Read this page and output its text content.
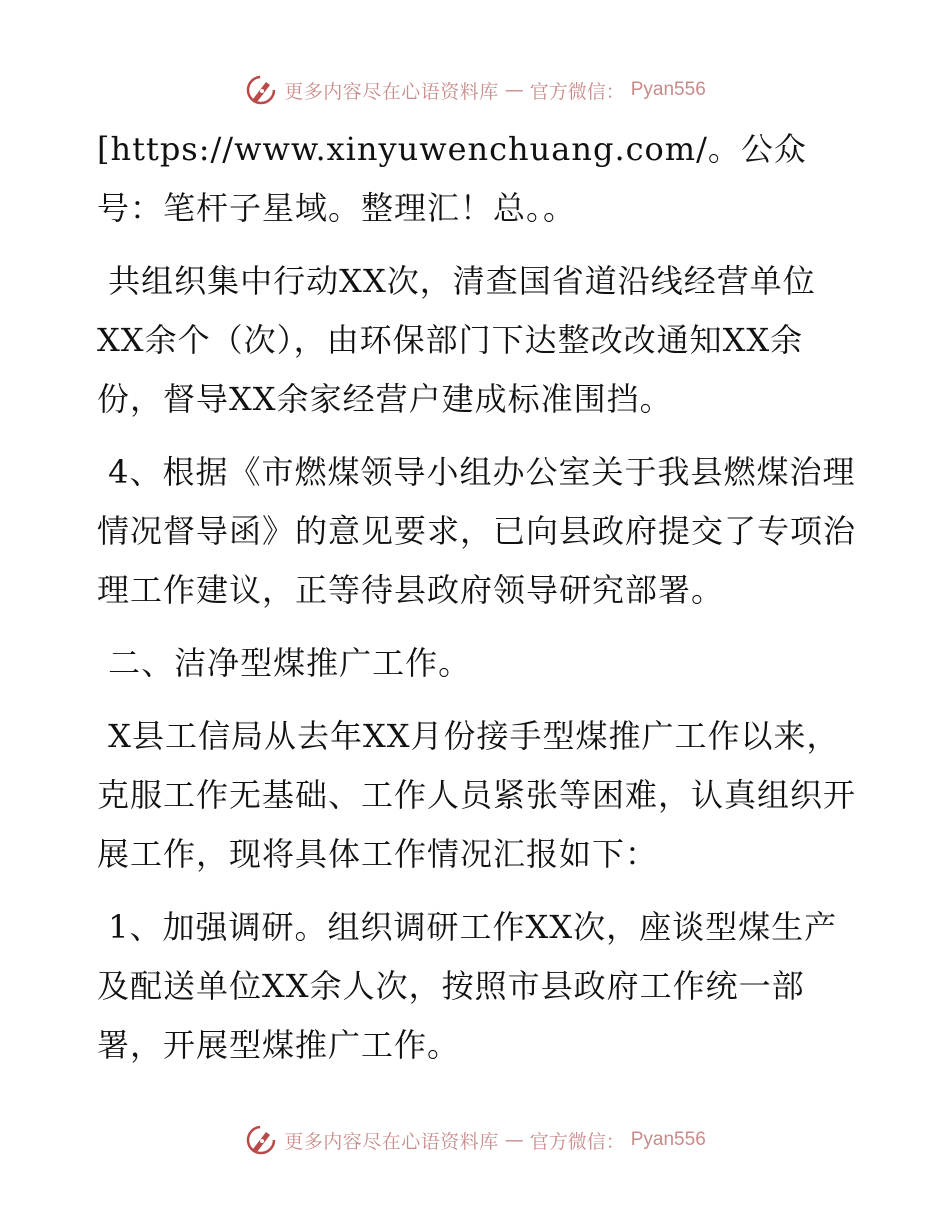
更多内容尽在心语资料库 — 官方微信： Pyan556

[https://www.xinyuwenchuang.com/。公众号：笔杆子星域。整理汇！总。。

共组织集中行动XX次，清查国省道沿线经营单位XX余个（次），由环保部门下达整改改通知XX余份，督导XX余家经营户建成标准围挡。

4、根据《市燃煤领导小组办公室关于我县燃煤治理情况督导函》的意见要求，已向县政府提交了专项治理工作建议，正等待县政府领导研究部署。

二、洁净型煤推广工作。

X县工信局从去年XX月份接手型煤推广工作以来，克服工作无基础、工作人员紧张等困难，认真组织开展工作，现将具体工作情况汇报如下：

1、加强调研。组织调研工作XX次，座谈型煤生产及配送单位XX余人次，按照市县政府工作统一部署，开展型煤推广工作。

更多内容尽在心语资料库 — 官方微信： Pyan556
